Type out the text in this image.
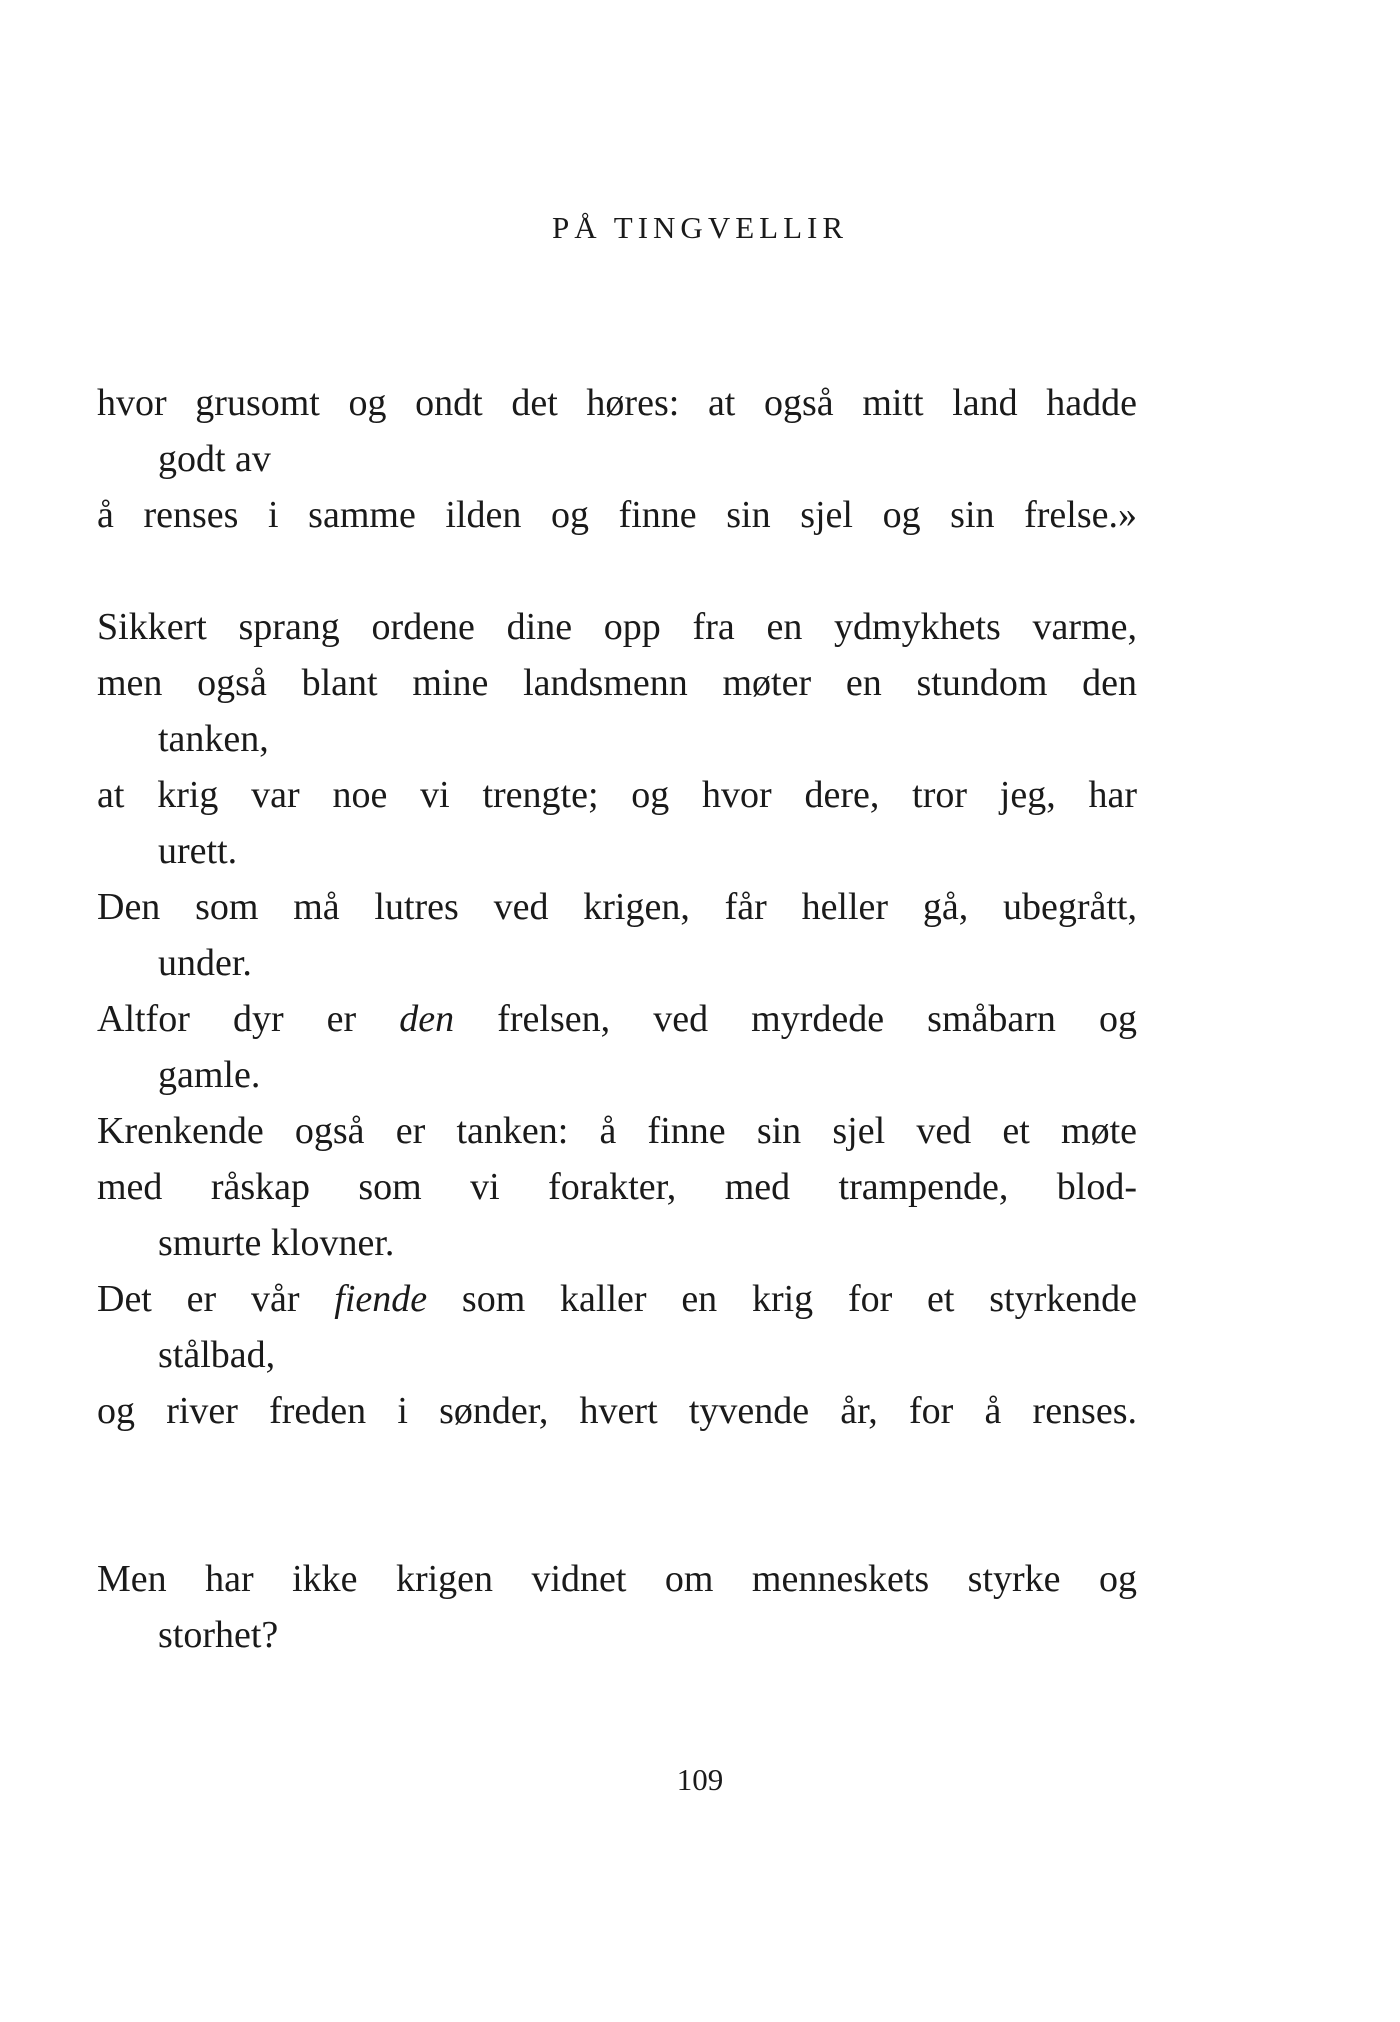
PÅ TINGVELLIR
hvor grusomt og ondt det høres: at også mitt land hadde
godt av
å renses i samme ilden og finne sin sjel og sin frelse.»
Sikkert sprang ordene dine opp fra en ydmykhets varme,
men også blant mine landsmenn møter en stundom den
tanken,
at krig var noe vi trengte; og hvor dere, tror jeg, har
urett.
Den som må lutres ved krigen, får heller gå, ubegrått,
under.
Altfor dyr er den frelsen, ved myrdede småbarn og
gamle.
Krenkende også er tanken: å finne sin sjel ved et møte
med råskap som vi forakter, med trampende, blod-
smurte klovner.
Det er vår fiende som kaller en krig for et styrkende
stålbad,
og river freden i sønder, hvert tyvende år, for å renses.
Men har ikke krigen vidnet om menneskets styrke og
storhet?
109
